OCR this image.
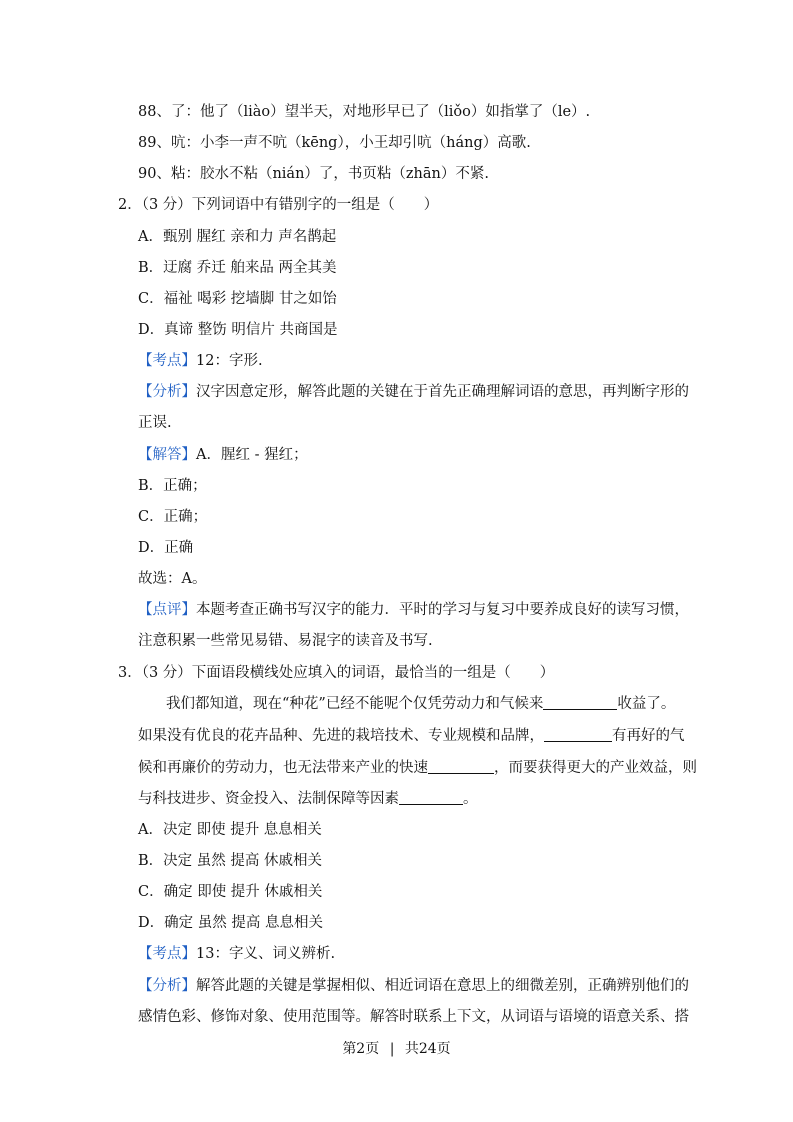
88、了：他了（liào）望半天，对地形早已了（liǒo）如指掌了（le）.
89、吭：小李一声不吭（kēng），小王却引吭（háng）高歌.
90、粘：胶水不粘（nián）了，书页粘（zhān）不紧.
2．（3 分）下列词语中有错别字的一组是（　　）
A．甄别 腥红 亲和力 声名鹊起
B．迂腐 乔迁 舶来品 两全其美
C．福祉 喝彩 挖墙脚 甘之如饴
D．真谛 整饬 明信片 共商国是
【考点】12：字形.
【分析】汉字因意定形，解答此题的关键在于首先正确理解词语的意思，再判断字形的
正误.
【解答】A．腥红 - 猩红；
B．正确；
C．正确；
D．正确
故选：A。
【点评】本题考查正确书写汉字的能力．平时的学习与复习中要养成良好的读写习惯，
注意积累一些常见易错、易混字的读音及书写.
3．（3 分）下面语段横线处应填入的词语，最恰当的一组是（　　）
我们都知道，现在“种花”已经不能呢个仅凭劳动力和气候来	收益了。
如果没有优良的花卉品种、先进的栽培技术、专业规模和品牌，	有再好的气
候和再廉价的劳动力，也无法带来产业的快速	，而要获得更大的产业效益，则
与科技进步、资金投入、法制保障等因素	。
A．决定 即使 提升 息息相关
B．决定 虽然 提高 休戚相关
C．确定 即使 提升 休戚相关
D．确定 虽然 提高 息息相关
【考点】13：字义、词义辨析.
【分析】解答此题的关键是掌握相似、相近词语在意思上的细微差别，正确辨别他们的
感情色彩、修饰对象、使用范围等。解答时联系上下文，从词语与语境的语意关系、搭
第2页 | 共24页
